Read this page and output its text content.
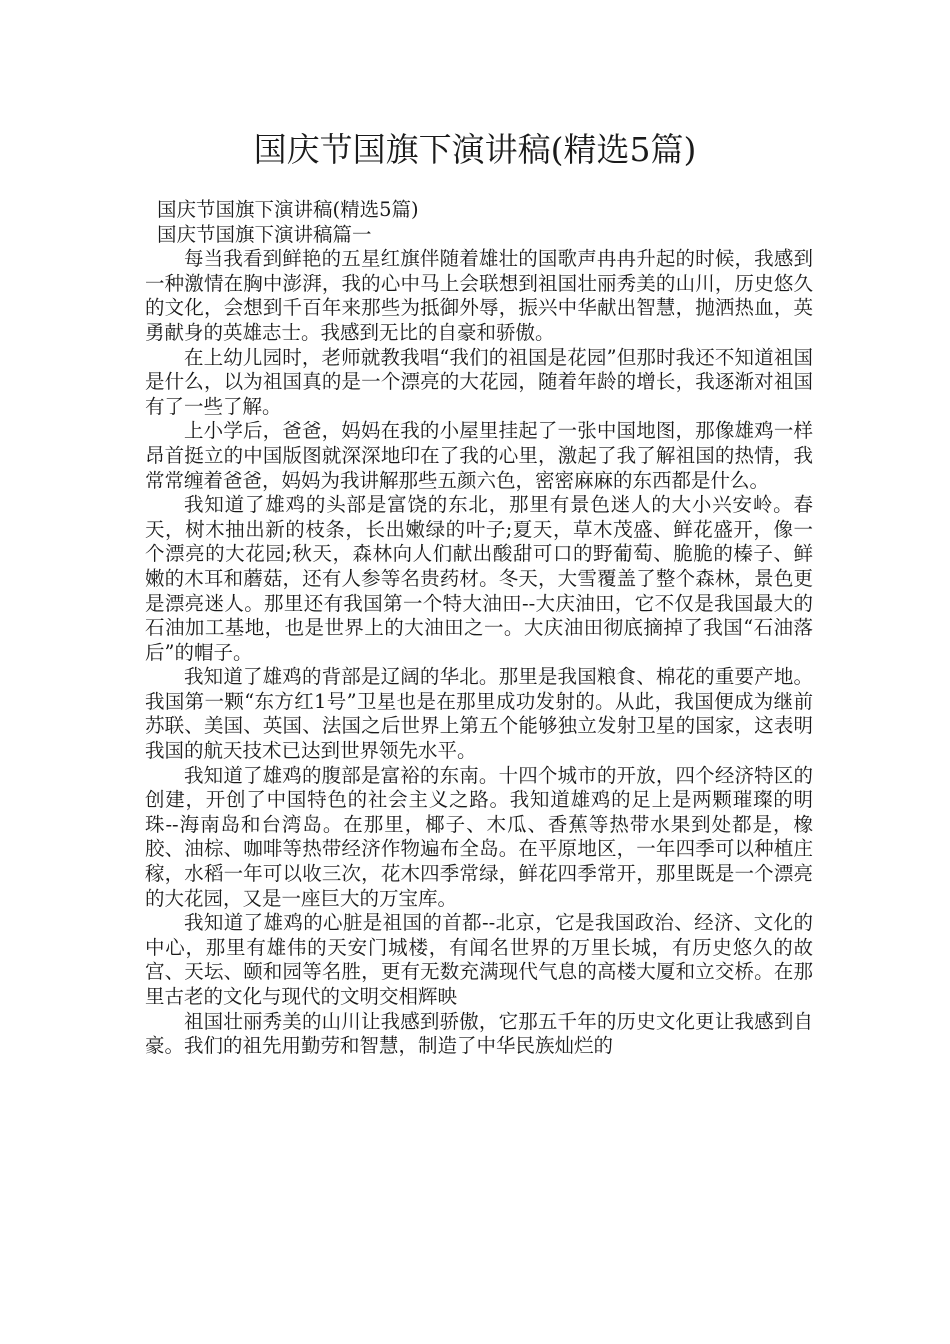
国庆节国旗下演讲稿(精选5篇)

国庆节国旗下演讲稿(精选5篇)

国庆节国旗下演讲稿篇一

每当我看到鲜艳的五星红旗伴随着雄壮的国歌声冉冉升起的时候，我感到一种激情在胸中澎湃，我的心中马上会联想到祖国壮丽秀美的山川，历史悠久的文化，会想到千百年来那些为抵御外辱，振兴中华献出智慧，抛洒热血，英勇献身的英雄志士。我感到无比的自豪和骄傲。

在上幼儿园时，老师就教我唱“我们的祖国是花园”但那时我还不知道祖国是什么，以为祖国真的是一个漂亮的大花园，随着年龄的增长，我逐渐对祖国有了一些了解。

上小学后，爸爸，妈妈在我的小屋里挂起了一张中国地图，那像雄鸡一样昂首挺立的中国版图就深深地印在了我的心里，激起了我了解祖国的热情，我常常缠着爸爸，妈妈为我讲解那些五颜六色，密密麻麻的东西都是什么。

我知道了雄鸡的头部是富饶的东北，那里有景色迷人的大小兴安岭。春天，树木抽出新的枝条，长出嫩绿的叶子;夏天，草木茂盛、鲜花盛开，像一个漂亮的大花园;秋天，森林向人们献出酸甜可口的野葡萄、脆脆的榛子、鲜嫩的木耳和蘑菇，还有人参等名贵药材。冬天，大雪覆盖了整个森林，景色更是漂亮迷人。那里还有我国第一个特大油田--大庆油田，它不仅是我国最大的石油加工基地，也是世界上的大油田之一。大庆油田彻底摘掉了我国“石油落后”的帽子。

我知道了雄鸡的背部是辽阔的华北。那里是我国粮食、棉花的重要产地。我国第一颗“东方红1号”卫星也是在那里成功发射的。从此，我国便成为继前苏联、美国、英国、法国之后世界上第五个能够独立发射卫星的国家，这表明我国的航天技术已达到世界领先水平。

我知道了雄鸡的腹部是富裕的东南。十四个城市的开放，四个经济特区的创建，开创了中国特色的社会主义之路。我知道雄鸡的足上是两颗璀璨的明珠--海南岛和台湾岛。在那里，椰子、木瓜、香蕉等热带水果到处都是，橡胶、油棕、咖啡等热带经济作物遍布全岛。在平原地区，一年四季可以种植庄稼，水稻一年可以收三次，花木四季常绿，鲜花四季常开，那里既是一个漂亮的大花园，又是一座巨大的万宝库。

我知道了雄鸡的心脏是祖国的首都--北京，它是我国政治、经济、文化的中心，那里有雄伟的天安门城楼，有闻名世界的万里长城，有历史悠久的故宫、天坛、颐和园等名胜，更有无数充满现代气息的高楼大厦和立交桥。在那里古老的文化与现代的文明交相辉映

祖国壮丽秀美的山川让我感到骄傲，它那五千年的历史文化更让我感到自豪。我们的祖先用勤劳和智慧，制造了中华民族灿烂的
